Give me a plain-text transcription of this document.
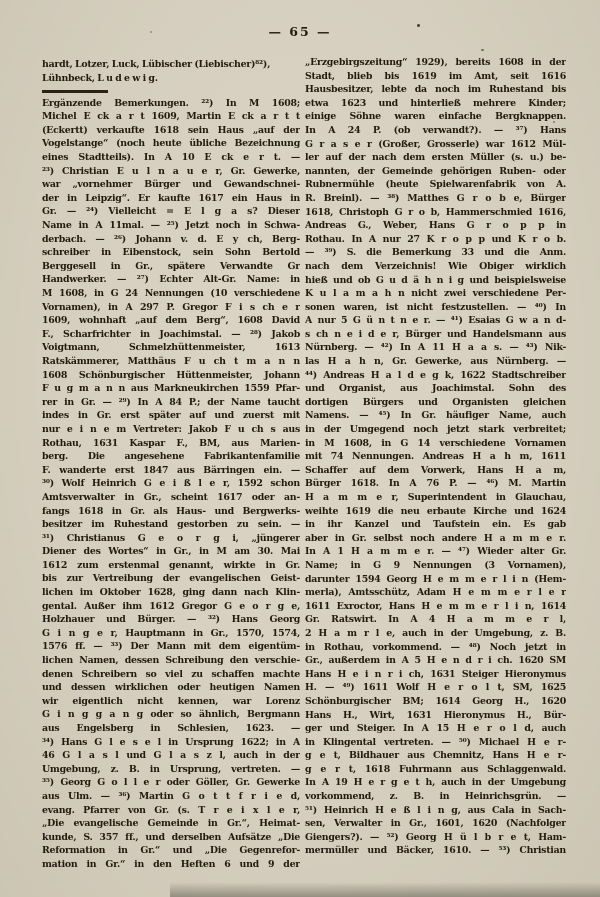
— 65 —
hardt, Lotzer, Luck, Lübischer (Liebischer)⁸²),
Lühnbeck, L u d e w i g.
Ergänzende Bemerkungen. ²²) In M 1608;
Michel E ck a r t 1609, Martin E ck a r t t
(Eckertt) verkaufte 1618 sein Haus „auf der
Vogelstange“ (noch heute übliche Bezeichnung
eines Stadtteils). In A 10 E ck e r t. —
²³) Christian E u l n a u e r, Gr. Gewerke,
war „vornehmer Bürger und Gewandschnei-
der in Leipzig“. Er kaufte 1617 ein Haus in
Gr. — ²⁴) Vielleicht = E l g a s? Dieser
Name in A 11mal. — ²⁵) Jetzt noch in Schwa-
derbach. — ²⁶) Johann v. d. E y ch, Berg-
schreiber in Eibenstock, sein Sohn Bertold
Berggesell in Gr., spätere Verwandte Gr
Handwerker. — ²⁷) Echter Alt-Gr. Name: in
M 1608, in G 24 Nennungen (10 verschiedene
Vornamen), in A 297 P. Gregor F i s ch e r
1609, wohnhaft „auf dem Berg“, 1608 David
F., Scharfrichter in Joachimstal. — ²⁸) Jakob
Voigtmann, Schmelzhüttenmeister, 1613
Ratskämmerer, Matthäus F u ch t m a n n
1608 Schönburgischer Hüttenmeister, Johann
F u g m a n n aus Markneukirchen 1559 Pfar-
rer in Gr. — ²⁹) In A 84 P.; der Name taucht
indes in Gr. erst später auf und zuerst mit
nur e i n e m Vertreter: Jakob F u ch s aus
Rothau, 1631 Kaspar F., BM, aus Marien-
berg. Die angesehene Fabrikantenfamilie
F. wanderte erst 1847 aus Bärringen ein. —
³⁰) Wolf Heinrich G e i ß l e r, 1592 schon
Amtsverwalter in Gr., scheint 1617 oder an-
fangs 1618 in Gr. als Haus- und Bergwerks-
besitzer im Ruhestand gestorben zu sein. —
³¹) Christianus G e o r g i, „jüngerer
Diener des Wortes“ in Gr., in M am 30. Mai
1612 zum erstenmal genannt, wirkte in Gr.
bis zur Vertreibung der evangelischen Geist-
lichen im Oktober 1628, ging dann nach Klin-
gental. Außer ihm 1612 Gregor G e o r g e,
Holzhauer und Bürger. — ³²) Hans Georg
G i n g e r, Hauptmann in Gr., 1570, 1574,
1576 ff. — ³³) Der Mann mit dem eigentüm-
lichen Namen, dessen Schreibung den verschie-
denen Schreibern so viel zu schaffen machte
und dessen wirklichen oder heutigen Namen
wir eigentlich nicht kennen, war Lorenz
G i n g g a n g oder so ähnlich, Bergmann
aus Engelsberg in Schlesien, 1623. —
³⁴) Hans G l e s e l in Ursprung 1622; in A
46 G l a s l und G l a s z l, auch in der
Umgebung, z. B. in Ursprung, vertreten. —
³⁵) Georg G o l l e r oder Göller, Gr. Gewerke
aus Ulm. — ³⁶) Martin G o t t f r i e d,
evang. Pfarrer von Gr. (s. T r e i x l e r,
„Die evangelische Gemeinde in Gr.“, Heimat-
kunde, S. 357 ff., und derselben Aufsätze „Die
Reformation in Gr.“ und „Die Gegenrefor-
mation in Gr.“ in den Heften 6 und 9 der
„Erzgebirgszeitung“ 1929), bereits 1608 in der
Stadt, blieb bis 1619 im Amt, seit 1616
Hausbesitzer, lebte da noch im Ruhestand bis
etwa 1623 und hinterließ mehrere Kinder;
einige Söhne waren einfache Bergknappen.
In A 24 P. (ob verwandt?). — ³⁷) Hans
G r a s e r (Großer, Grosserle) war 1612 Mül-
ler auf der nach dem ersten Müller (s. u.) be-
nannten, der Gemeinde gehörigen Ruben- oder
Rubnermühle (heute Spielwarenfabrik von A.
R. Breinl). — ³⁸) Matthes G r o b e, Bürger
1618, Christoph G r o b, Hammerschmied 1616,
Andreas G., Weber, Hans G r o p p in
Rothau. In A nur 27 K r o p p und K r o b.
— ³⁹) S. die Bemerkung 33 und die Anm.
nach dem Verzeichnis! Wie Obiger wirklich
hieß und ob G u d ä h n i g und beispielsweise
K u l a m a h n nicht zwei verschiedene Per-
sonen waren, ist nicht festzustellen. — ⁴⁰) In
A nur 5 G ü n t n e r. — ⁴¹) Esaias G w a n d-
s ch n e i d e r, Bürger und Handelsmann aus
Nürnberg. — ⁴²) In A 11 H a a s. — ⁴³) Nik-
las H a h n, Gr. Gewerke, aus Nürnberg. —
⁴⁴) Andreas H a l d e g k, 1622 Stadtschreiber
und Organist, aus Joachimstal. Sohn des
dortigen Bürgers und Organisten gleichen
Namens. — ⁴⁵) In Gr. häufiger Name, auch
in der Umgegend noch jetzt stark verbreitet;
in M 1608, in G 14 verschiedene Vornamen
mit 74 Nennungen. Andreas H a h m, 1611
Schaffer auf dem Vorwerk, Hans H a m,
Bürger 1618. In A 76 P. — ⁴⁶) M. Martin
H a m m e r, Superintendent in Glauchau,
weihte 1619 die neu erbaute Kirche und 1624
in ihr Kanzel und Taufstein ein. Es gab
aber in Gr. selbst noch andere H a m m e r.
In A 1 H a m m e r. — ⁴⁷) Wieder alter Gr.
Name; in G 9 Nennungen (3 Vornamen),
darunter 1594 Georg H e m m e r l i n (Hem-
merla), Amtsschütz, Adam H e m m e r l e r
1611 Exroctor, Hans H e m m e r l i n, 1614
Gr. Ratswirt. In A 4 H a m m e r l,
2 H a m r l e, auch in der Umgebung, z. B.
in Rothau, vorkommend. — ⁴⁸) Noch jetzt in
Gr., außerdem in A 5 H e n d r i ch. 1620 SM
Hans H e i n r i ch, 1631 Steiger Hieronymus
H. — ⁴⁹) 1611 Wolf H e r o l t, SM, 1625
Schönburgischer BM; 1614 Georg H., 1620
Hans H., Wirt, 1631 Hieronymus H., Bür-
ger und Steiger. In A 15 H e r o l d, auch
in Klingental vertreten. — ⁵⁰) Michael H e r-
g e t, Bildhauer aus Chemnitz, Hans H e r-
g e r t, 1618 Fuhrmann aus Schlaggenwald.
In A 19 H e r g e t h, auch in der Umgebung
vorkommend, z. B. in Heinrichsgrün. —
⁵¹) Heinrich H e ß l i n g, aus Cala in Sach-
sen, Verwalter in Gr., 1601, 1620 (Nachfolger
Giengers?). — ⁵²) Georg H ü l b r e t, Ham-
mermüller und Bäcker, 1610. — ⁵³) Christian
